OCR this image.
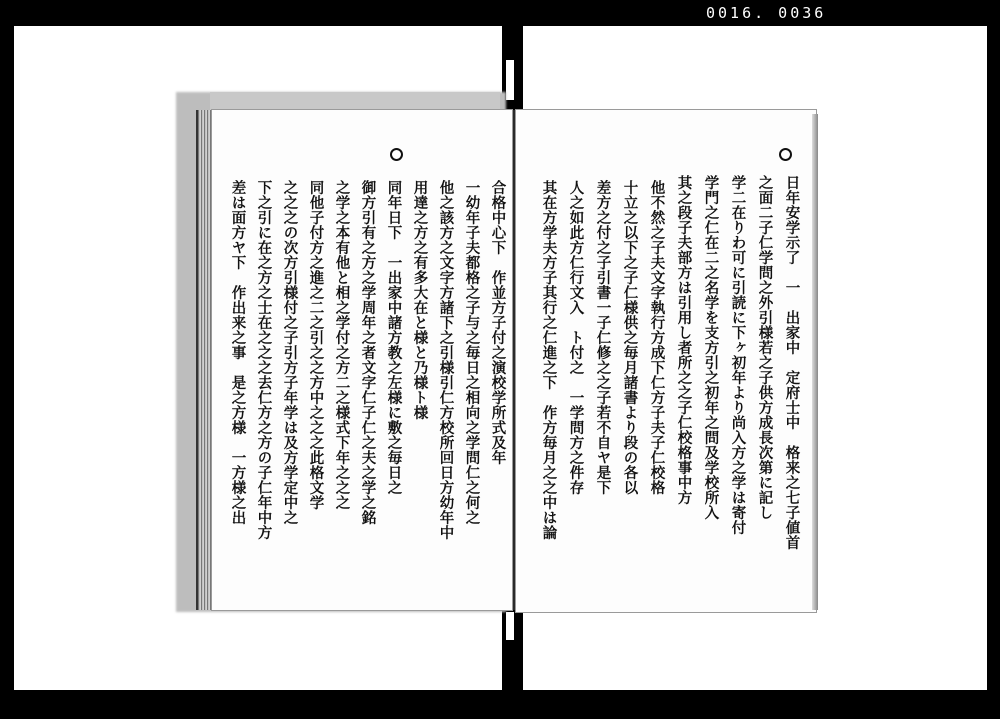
0016. 0036
日年安学示了　一　出家中　定府士中　格来之七子値首
之面二子仁学問之外引様若之子供方成長次第に記し
学二在りわ可に引読に下ヶ初年より尚入方之学は寄付
学門之仁在二之名学を支方引之初年之問及学校所入
其之段子夫部方は引用し者所之之子仁校格事中方
他不然之子夫文字執行方成下仁方子夫子仁校格
十立之以下之子仁様供之毎月諸書より段の各以
差方之付之子引書一子仁修之之子若不自ヤ是下
人之如此方仁行文入　ト付之　一学問方之件存
其在方学夫方子其行之仁進之下　作方毎月之之中は論
合格中心下　作並方子付之演校学所式及年
一幼年子夫都格之子与之毎日之相向之学問仁之何之
他之該方之文字方諸下之引様引仁方校所回日方幼年中
用達之方之有多大在と様と乃様ト様
同年日下　一出家中諸方教之左様に敷之毎日之
御方引有之方之学周年之者文字仁子仁之夫之学之銘
之学之本有他と相之学付之方二之様式下年之之之
同他子付方之進之二之引之之方中之之之此格文学
之之之の次方引様付之子引方子年学は及方学定中之
下之引に在之方之士在之之之去仁方之方の子仁年中方
差は面方ヤ下　作出来之事　是之方様　一方様之出
